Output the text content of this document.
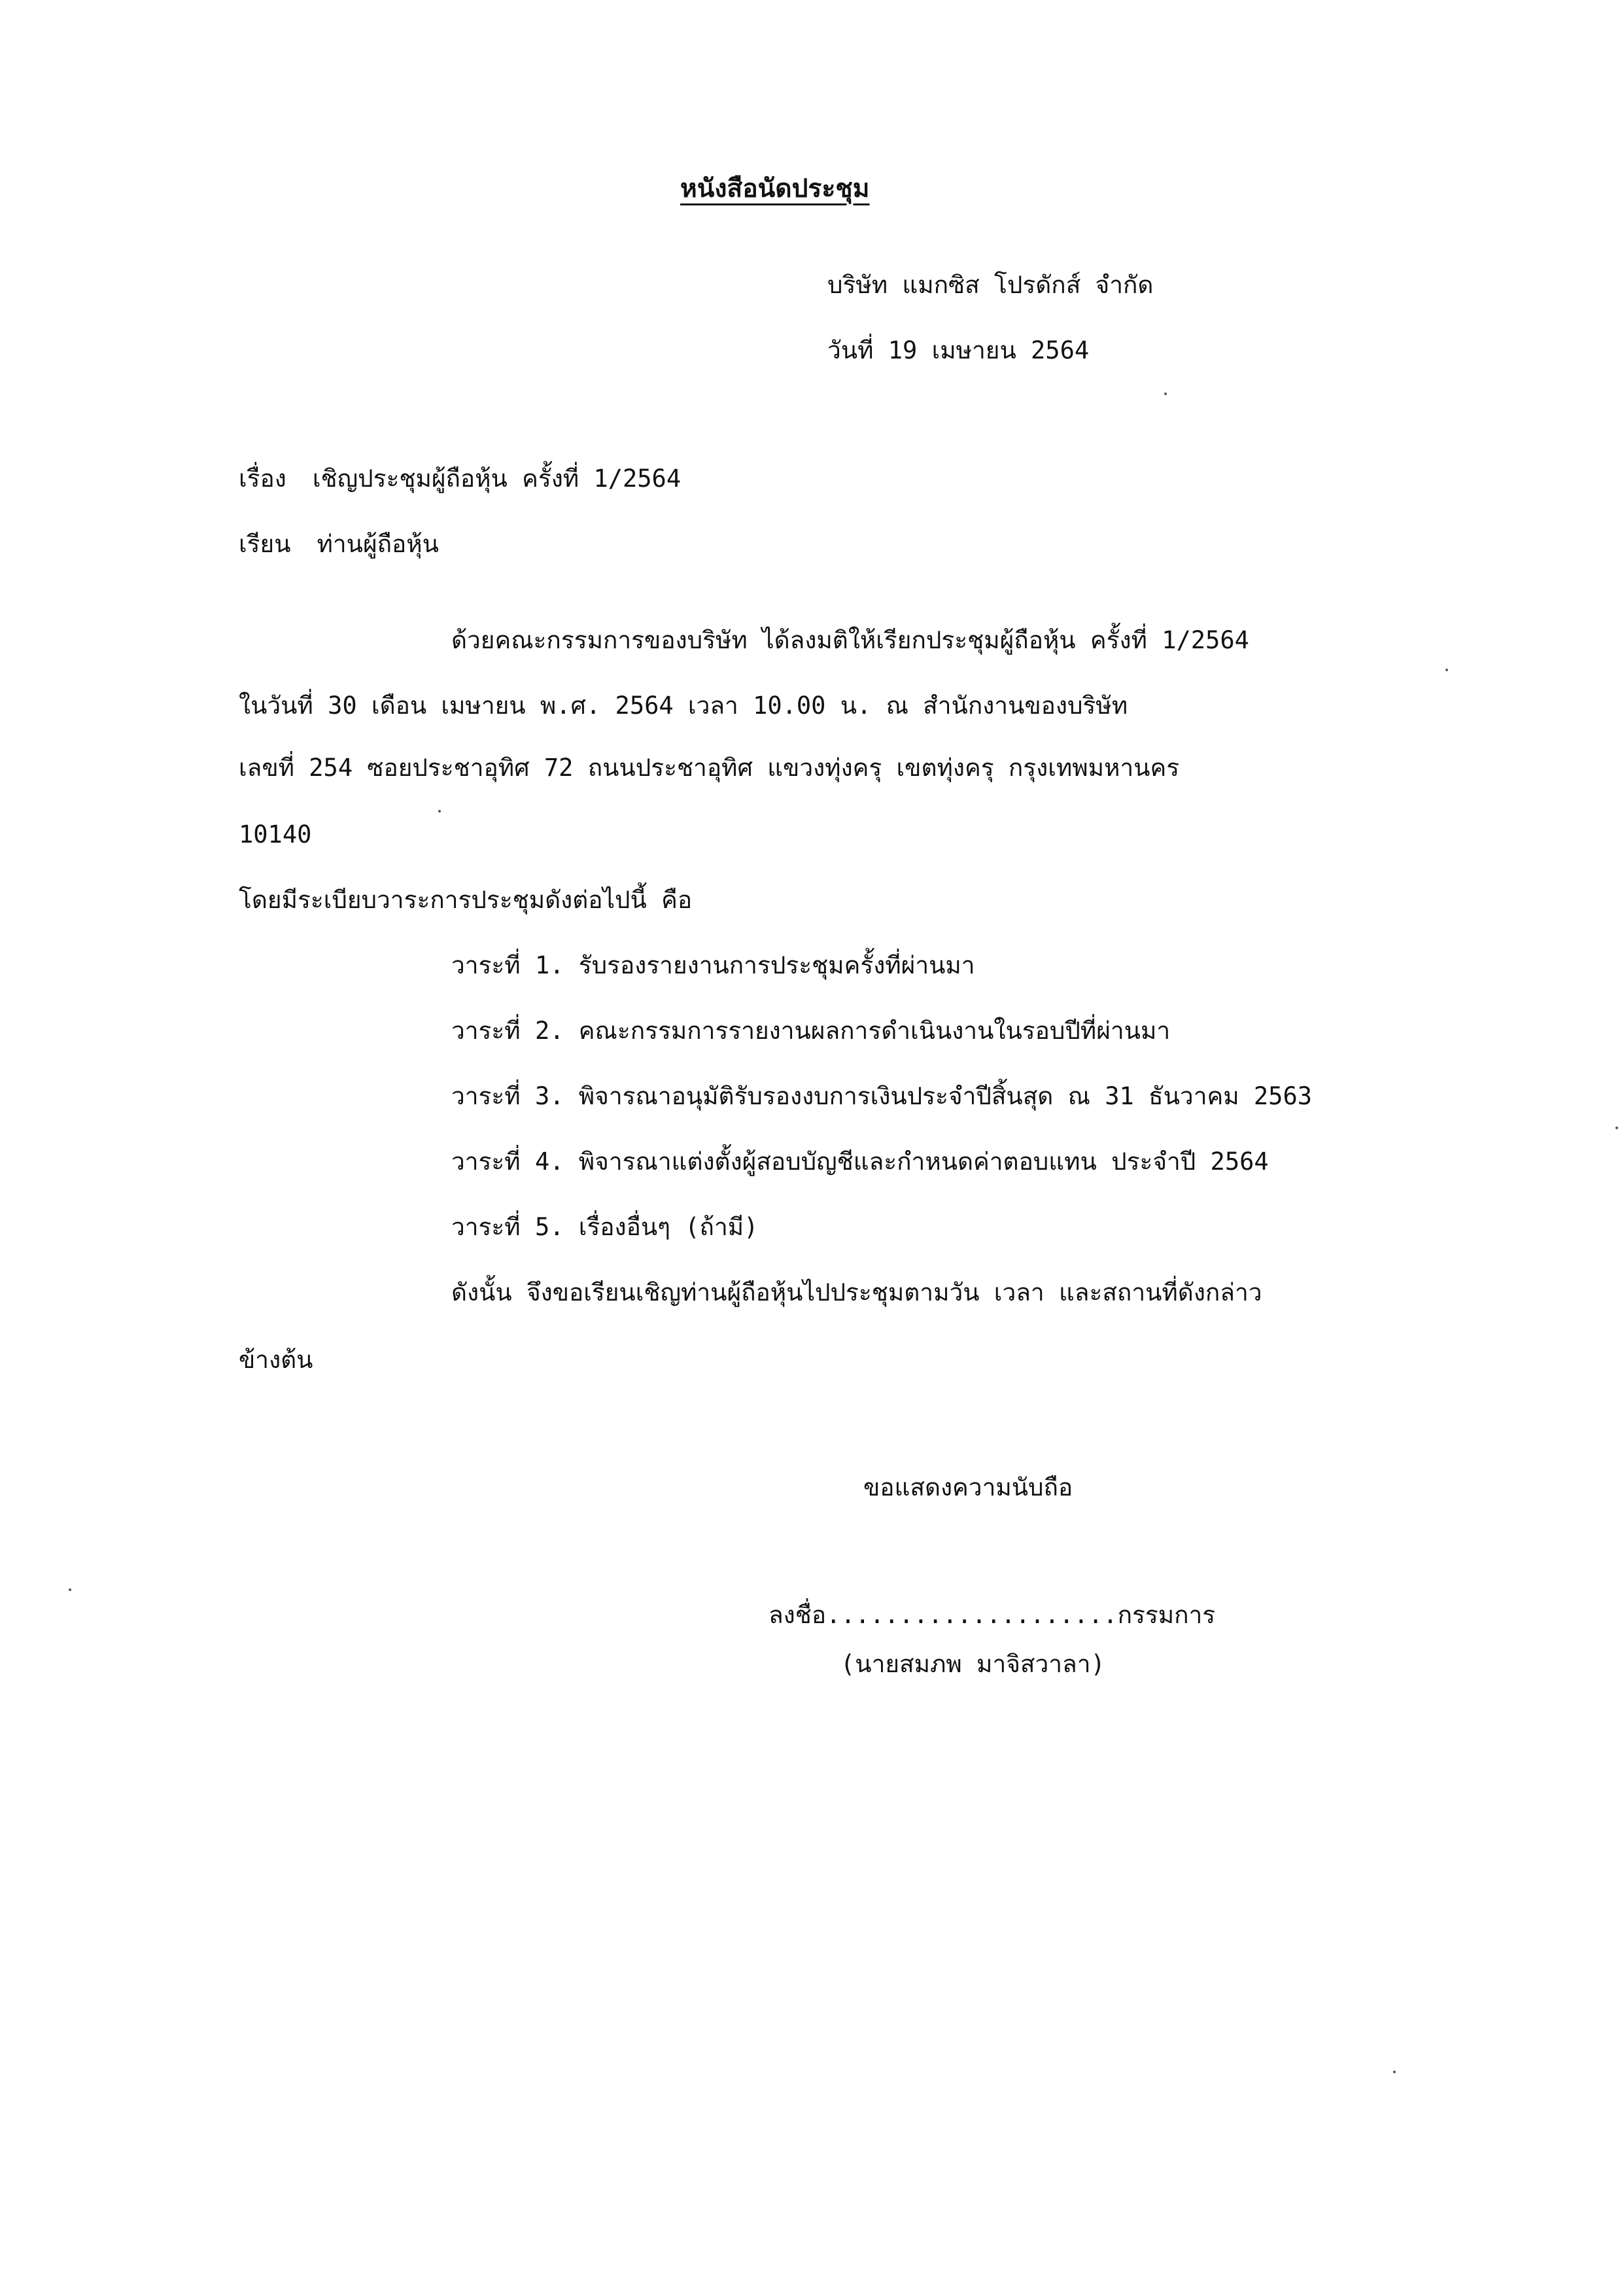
หนังสือนัดประชุม
บริษัท แมกซิส โปรดักส์ จำกัด
วันที่ 19 เมษายน 2564
เรื่อง เชิญประชุมผู้ถือหุ้น ครั้งที่ 1/2564
เรียน ท่านผู้ถือหุ้น
ด้วยคณะกรรมการของบริษัท ได้ลงมติให้เรียกประชุมผู้ถือหุ้น ครั้งที่ 1/2564
ในวันที่ 30 เดือน เมษายน พ.ศ. 2564 เวลา 10.00 น. ณ สำนักงานของบริษัท
เลขที่ 254 ซอยประชาอุทิศ 72 ถนนประชาอุทิศ แขวงทุ่งครุ เขตทุ่งครุ กรุงเทพมหานคร
10140
โดยมีระเบียบวาระการประชุมดังต่อไปนี้ คือ
วาระที่ 1. รับรองรายงานการประชุมครั้งที่ผ่านมา
วาระที่ 2. คณะกรรมการรายงานผลการดำเนินงานในรอบปีที่ผ่านมา
วาระที่ 3. พิจารณาอนุมัติรับรองงบการเงินประจำปีสิ้นสุด ณ 31 ธันวาคม 2563
วาระที่ 4. พิจารณาแต่งตั้งผู้สอบบัญชีและกำหนดค่าตอบแทน ประจำปี 2564
วาระที่ 5. เรื่องอื่นๆ (ถ้ามี)
ดังนั้น จึงขอเรียนเชิญท่านผู้ถือหุ้นไปประชุมตามวัน เวลา และสถานที่ดังกล่าว
ข้างต้น
ขอแสดงความนับถือ
ลงชื่อ....................กรรมการ
(นายสมภพ มาจิสวาลา)
